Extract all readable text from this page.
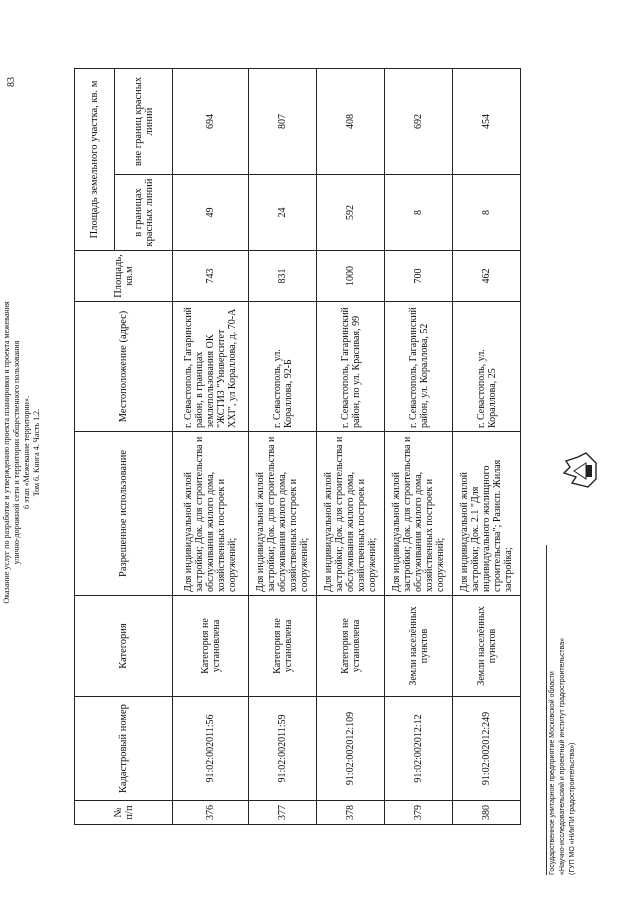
Оказание услуг по разработке и утверждению проекта планировки и проекта межевания улично-дорожной сети и территории общественного пользования 6 этап «Межевание территории». Том 6. Книга 4. Часть 1.2.
83
№ п/п	Кадастровый номер	Категория	Разрешенное использование	Местоположение (адрес)	Площадь, кв.м	Площадь земельного участка, кв. м	
						в границах красных линий	вне границ красных линий
376	91:02:002011:56	Категория не установлена	Для индивидуальной жилой застройки; Док. для строительства и обслуживания жилого дома, хозяйственных построек и сооружений;	г. Севастополь, Гагаринский район, в границах землепользования ОК "ЖСТИЗ "Университет XXI", ул Кораллова, д. 70-А	743	49	694
377	91:02:002011:59	Категория не установлена	Для индивидуальной жилой застройки; Док. для строительства и обслуживания жилого дома, хозяйственных построек и сооружений;	г. Севастополь, ул. Кораллова, 92-Б	831	24	807
378	91:02:002012:109	Категория не установлена	Для индивидуальной жилой застройки; Док. для строительства и обслуживания жилого дома, хозяйственных построек и сооружений;	г. Севастополь, Гагаринский район, по ул. Красивая, 99	1000	592	408
379	91:02:002012:12	Земли населённых пунктов	Для индивидуальной жилой застройки; Док. для строительства и обслуживания жилого дома, хозяйственных построек и сооружений;	г. Севастополь, Гагаринский район, ул. Кораллова, 52	700	8	692
380	91:02:002012:249	Земли населённых пунктов	Для индивидуальной жилой застройки; Док. 2.1 "Для индивидуального жилищного строительства"; Разисп. Жилая застройка;	г. Севастополь, ул. Кораллова, 25	462	8	454
Государственное унитарное предприятие Московской области «Научно-исследовательский и проектный институт градостроительства» (ГУП МО «НИиПИ градостроительства»)
